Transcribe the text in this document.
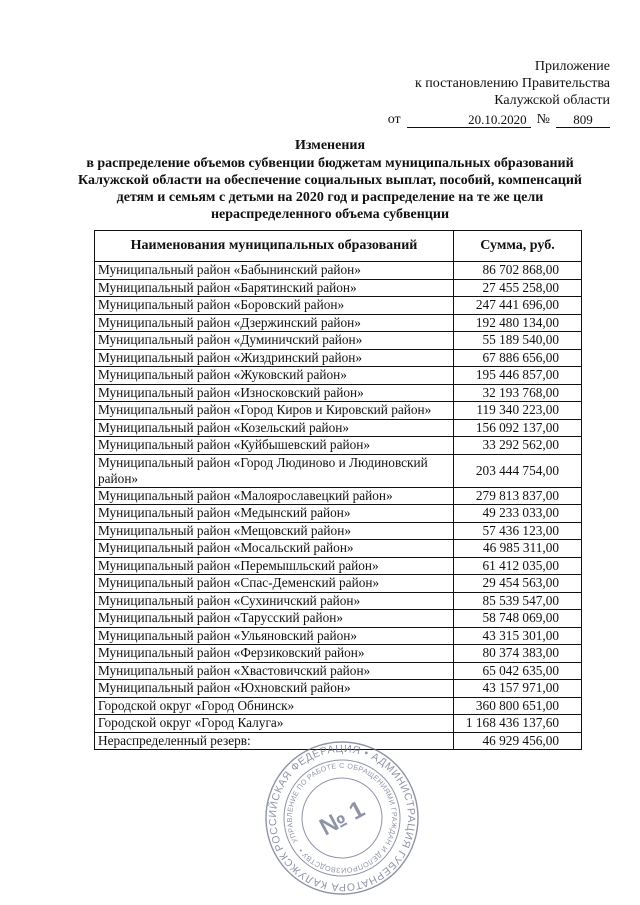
Приложение
к постановлению Правительства
Калужской области
от	20.10.2020 №	809
Изменения
в распределение объемов субвенции бюджетам муниципальных образований Калужской области на обеспечение социальных выплат, пособий, компенсаций детям и семьям с детьми на 2020 год и распределение на те же цели нераспределенного объема субвенции
Наименования муниципальных образований	Сумма, руб.
Муниципальный район «Бабынинский район»	86 702 868,00
Муниципальный район «Барятинский район»	27 455 258,00
Муниципальный район «Боровский район»	247 441 696,00
Муниципальный район «Дзержинский район»	192 480 134,00
Муниципальный район «Думиничский район»	55 189 540,00
Муниципальный район «Жиздринский район»	67 886 656,00
Муниципальный район «Жуковский район»	195 446 857,00
Муниципальный район «Износковский район»	32 193 768,00
Муниципальный район «Город Киров и Кировский район»	119 340 223,00
Муниципальный район «Козельский район»	156 092 137,00
Муниципальный район «Куйбышевский район»	33 292 562,00
Муниципальный район «Город Людиново и Людиновский район»	203 444 754,00
Муниципальный район «Малоярославецкий район»	279 813 837,00
Муниципальный район «Медынский район»	49 233 033,00
Муниципальный район «Мещовский район»	57 436 123,00
Муниципальный район «Мосальский район»	46 985 311,00
Муниципальный район «Перемышльский район»	61 412 035,00
Муниципальный район «Спас-Деменский район»	29 454 563,00
Муниципальный район «Сухиничский район»	85 539 547,00
Муниципальный район «Тарусский район»	58 748 069,00
Муниципальный район «Ульяновский район»	43 315 301,00
Муниципальный район «Ферзиковский район»	80 374 383,00
Муниципальный район «Хвастовичский район»	65 042 635,00
Муниципальный район «Юхновский район»	43 157 971,00
Городской округ «Город Обнинск»	360 800 651,00
Городской округ «Город Калуга»	1 168 436 137,60
Нераспределенный резерв:	46 929 456,00
РОССИЙСКАЯ ФЕДЕРАЦИЯ • АДМИНИСТРАЦИЯ ГУБЕРНАТОРА КАЛУЖСКОЙ
УПРАВЛЕНИЕ ПО РАБОТЕ С ОБРАЩЕНИЯМИ ГРАЖДАН И ДЕЛОПРОИЗВОДСТВУ •
№ 1
